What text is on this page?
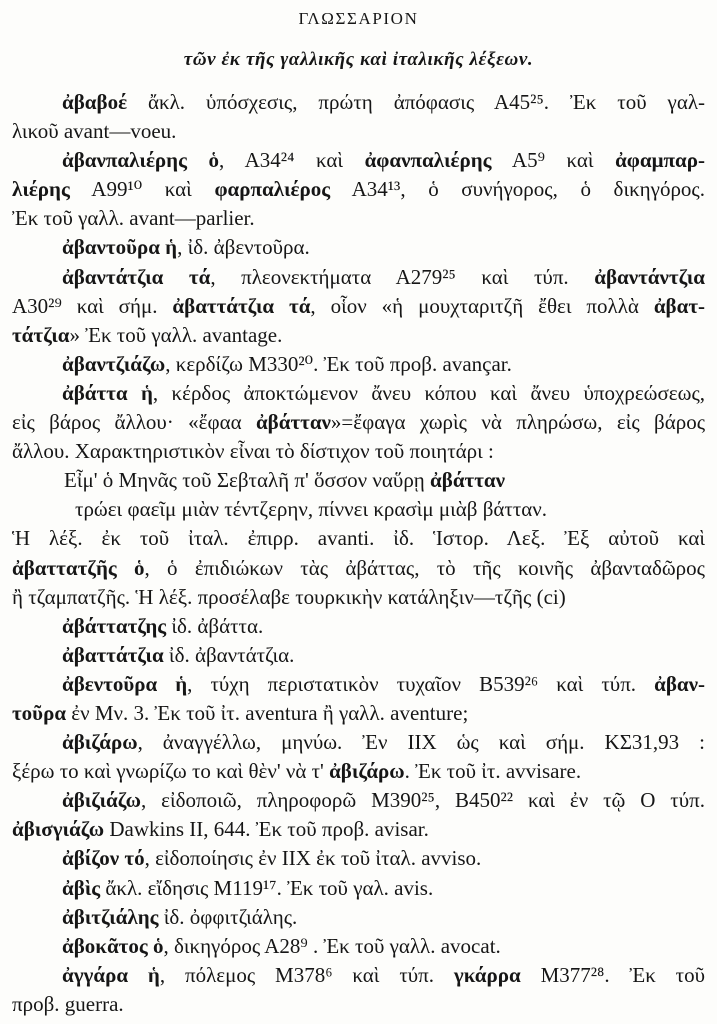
ΓΛΩΣΣΑΡΙΟΝ
τῶν ἐκ τῆς γαλλικῆς καὶ ἰταλικῆς λέξεων.
ἀβαβοέ ἄκλ. ὑπόσχεσις, πρώτη ἀπόφασις Α45²⁵. Ἐκ τοῦ γαλ-
λικοῦ avant—voeu.
ἀβανπαλιέρης ὁ, Α34²⁴ καὶ ἀφανπαλιέρης Α5⁹ καὶ ἀφαμπαρ-
λιέρης Α99¹⁰ καὶ φαρπαλιέρος Α34¹³, ὁ συνήγορος, ὁ δικηγόρος.
Ἐκ τοῦ γαλλ. avant—parlier.
ἀβαντοῦρα ἡ, ἰδ. ἀβεντοῦρα.
ἀβαντάτζια τά, πλεονεκτήματα Α279²⁵ καὶ τύπ. ἀβαντάντζια
Α30²⁹ καὶ σήμ. ἀβαττάτζια τά, οἷον «ἡ μουχταριτζῆ ἔθει πολλὰ ἀβατ-
τάτζια» Ἐκ τοῦ γαλλ. avantage.
ἀβαντζιάζω, κερδίζω Μ330²⁰. Ἐκ τοῦ προβ. avançar.
ἀβάττα ἡ, κέρδος ἀποκτώμενον ἄνευ κόπου καὶ ἄνευ ὑποχρεώσεως,
εἰς βάρος ἄλλου· «ἔφαα ἀβάτταν»=ἔφαγα χωρὶς νὰ πληρώσω, εἰς βάρος
ἄλλου. Χαρακτηριστικὸν εἶναι τὸ δίστιχον τοῦ ποιητάρι :
Εἶμ' ὁ Μηνᾶς τοῦ Σεβταλῆ π' ὅσσον ναὕρῃ ἀβάτταν
τρώει φαεῖμ μιὰν τέντζερην, πίννει κρασὶμ μιὰβ βάτταν.
Ἡ λέξ. ἐκ τοῦ ἰταλ. ἐπιρρ. avanti. ἰδ. Ἱστορ. Λεξ. Ἐξ αὐτοῦ καὶ
ἀβαττατζῆς ὁ, ὁ ἐπιδιώκων τὰς ἀβάττας, τὸ τῆς κοινῆς ἀβανταδῶρος
ἢ τζαμπατζῆς. Ἡ λέξ. προσέλαβε τουρκικὴν κατάληξιν—τζῆς (ci)
ἀβάττατζης ἰδ. ἀβάττα.
ἀβαττάτζια ἰδ. ἀβαντάτζια.
ἀβεντοῦρα ἡ, τύχη περιστατικὸν τυχαῖον Β539²⁶ καὶ τύπ. ἀβαν-
τοῦρα ἐν Μν. 3. Ἐκ τοῦ ἰτ. aventura ἢ γαλλ. aventure;
ἀβιζάρω, ἀναγγέλλω, μηνύω. Ἐν ΙΙΧ ὡς καὶ σήμ. ΚΣ31,93 :
ξέρω το καὶ γνωρίζω το καὶ θὲν' νὰ τ' ἀβιζάρω. Ἐκ τοῦ ἰτ. avvisare.
ἀβιζιάζω, εἰδοποιῶ, πληροφορῶ Μ390²⁵, Β450²² καὶ ἐν τῷ Ο τύπ.
ἀβισγιάζω Dawkins II, 644. Ἐκ τοῦ προβ. avisar.
ἀβίζον τό, εἰδοποίησις ἐν ΙΙΧ ἐκ τοῦ ἰταλ. avviso.
ἀβὶς ἄκλ. εἴδησις Μ119¹⁷. Ἐκ τοῦ γαλ. avis.
ἀβιτζιάλης ἰδ. ὀφφιτζιάλης.
ἀβοκᾶτος ὁ, δικηγόρος Α28⁹ . Ἐκ τοῦ γαλλ. avocat.
ἀγγάρα ἡ, πόλεμος Μ378⁶ καὶ τύπ. γκάρρα Μ377²⁸. Ἐκ τοῦ
προβ. guerra.
